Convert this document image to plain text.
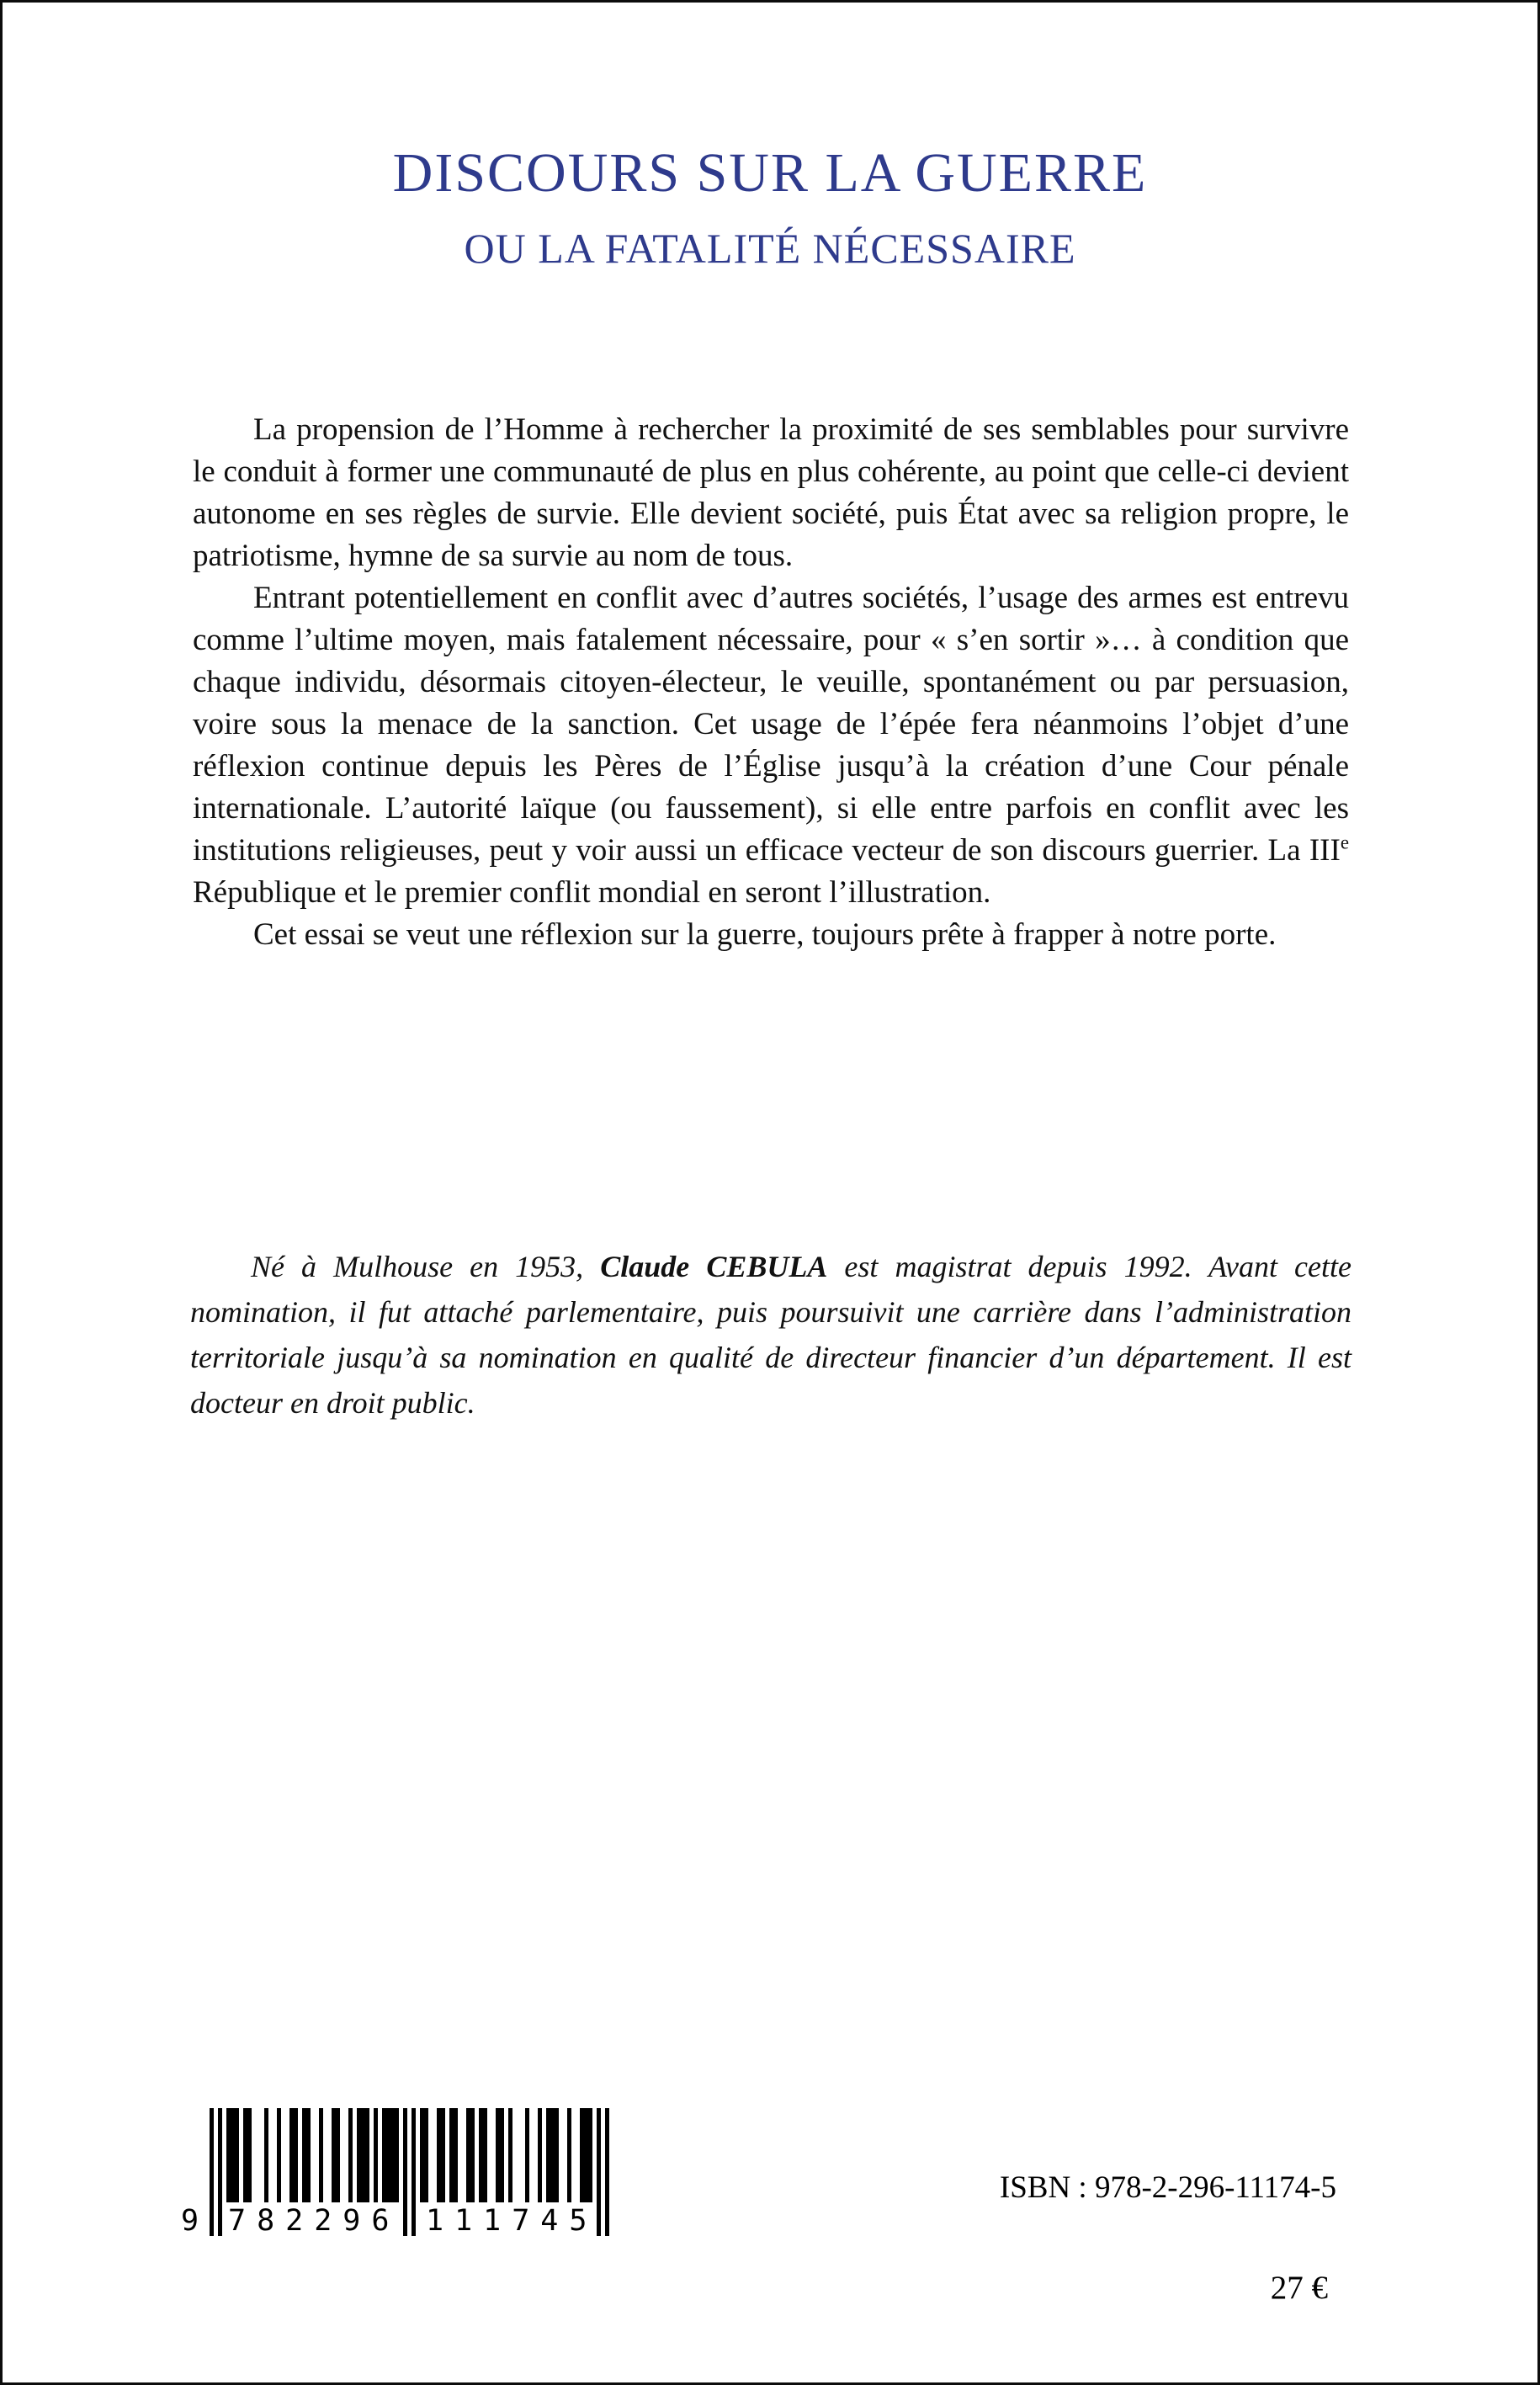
DISCOURS SUR LA GUERRE
OU LA FATALITÉ NÉCESSAIRE

La propension de l’Homme à rechercher la proximité de ses semblables pour survivre le conduit à former une communauté de plus en plus cohérente, au point que celle-ci devient autonome en ses règles de survie. Elle devient société, puis État avec sa religion propre, le patriotisme, hymne de sa survie au nom de tous.

Entrant potentiellement en conflit avec d’autres sociétés, l’usage des armes est entrevu comme l’ultime moyen, mais fatalement nécessaire, pour « s’en sortir »… à condition que chaque individu, désormais citoyen-électeur, le veuille, spontanément ou par persuasion, voire sous la menace de la sanction. Cet usage de l’épée fera néanmoins l’objet d’une réflexion continue depuis les Pères de l’Église jusqu’à la création d’une Cour pénale internationale. L’autorité laïque (ou faussement), si elle entre parfois en conflit avec les institutions religieuses, peut y voir aussi un efficace vecteur de son discours guerrier. La IIIe République et le premier conflit mondial en seront l’illustration.

Cet essai se veut une réflexion sur la guerre, toujours prête à frapper à notre porte.

Né à Mulhouse en 1953, Claude CEBULA est magistrat depuis 1992. Avant cette nomination, il fut attaché parlementaire, puis poursuivit une carrière dans l’administration territoriale jusqu’à sa nomination en qualité de directeur financier d’un département. Il est docteur en droit public.

9 782296 111745
ISBN : 978-2-296-11174-5
27 €
